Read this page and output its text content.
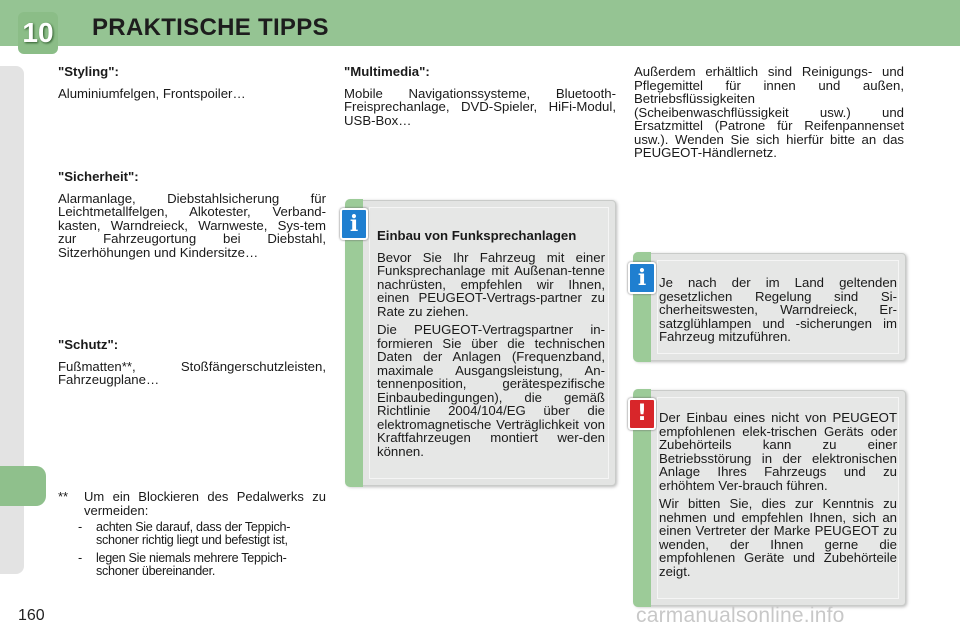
10 PRAKTISCHE TIPPS

"Styling":

Aluminiumfelgen, Frontspoiler…

"Sicherheit":

Alarmanlage, Diebstahlsicherung für Leichtmetallfelgen, Alkotester, Verband-kasten, Warndreieck, Warnweste, Sys-tem zur Fahrzeugortung bei Diebstahl, Sitzerhöhungen und Kindersitze…

"Schutz":

Fußmatten**, Stoßfängerschutzleisten, Fahrzeugplane…

**	Um ein Blockieren des Pedalwerks zu vermeiden:
-	achten Sie darauf, dass der Teppich-schoner richtig liegt und befestigt ist,
-	legen Sie niemals mehrere Teppich-schoner übereinander.

"Multimedia":

Mobile Navigationssysteme, Bluetooth-Freisprechanlage, DVD-Spieler, HiFi-Modul, USB-Box…

Außerdem erhältlich sind Reinigungs- und Pflegemittel für innen und außen, Betriebsflüssigkeiten (Scheibenwaschflüssigkeit usw.) und Ersatzmittel (Patrone für Reifenpannenset usw.). Wenden Sie sich hierfür bitte an das PEUGEOT-Händlernetz.

Einbau von Funksprechanlagen

Bevor Sie Ihr Fahrzeug mit einer Funksprechanlage mit Außenan-tenne nachrüsten, empfehlen wir Ihnen, einen PEUGEOT-Vertrags-partner zu Rate zu ziehen.

Die PEUGEOT-Vertragspartner in-formieren Sie über die technischen Daten der Anlagen (Frequenzband, maximale Ausgangsleistung, An-tennenposition, gerätespezifische Einbaubedingungen), die gemäß Richtlinie 2004/104/EG über die elektromagnetische Verträglichkeit von Kraftfahrzeugen montiert wer-den können.

i

Je nach der im Land geltenden gesetzlichen Regelung sind Si-cherheitswesten, Warndreieck, Er-satzglühlampen und -sicherungen im Fahrzeug mitzuführen.

i

Der Einbau eines nicht von PEUGEOT empfohlenen elek-trischen Geräts oder Zubehörteils kann zu einer Betriebsstörung in der elektronischen Anlage Ihres Fahrzeugs und zu erhöhtem Ver-brauch führen.

Wir bitten Sie, dies zur Kenntnis zu nehmen und empfehlen Ihnen, sich an einen Vertreter der Marke PEUGEOT zu wenden, der Ihnen gerne die empfohlenen Geräte und Zubehörteile zeigt.

!
160	carmanualsonline.info
